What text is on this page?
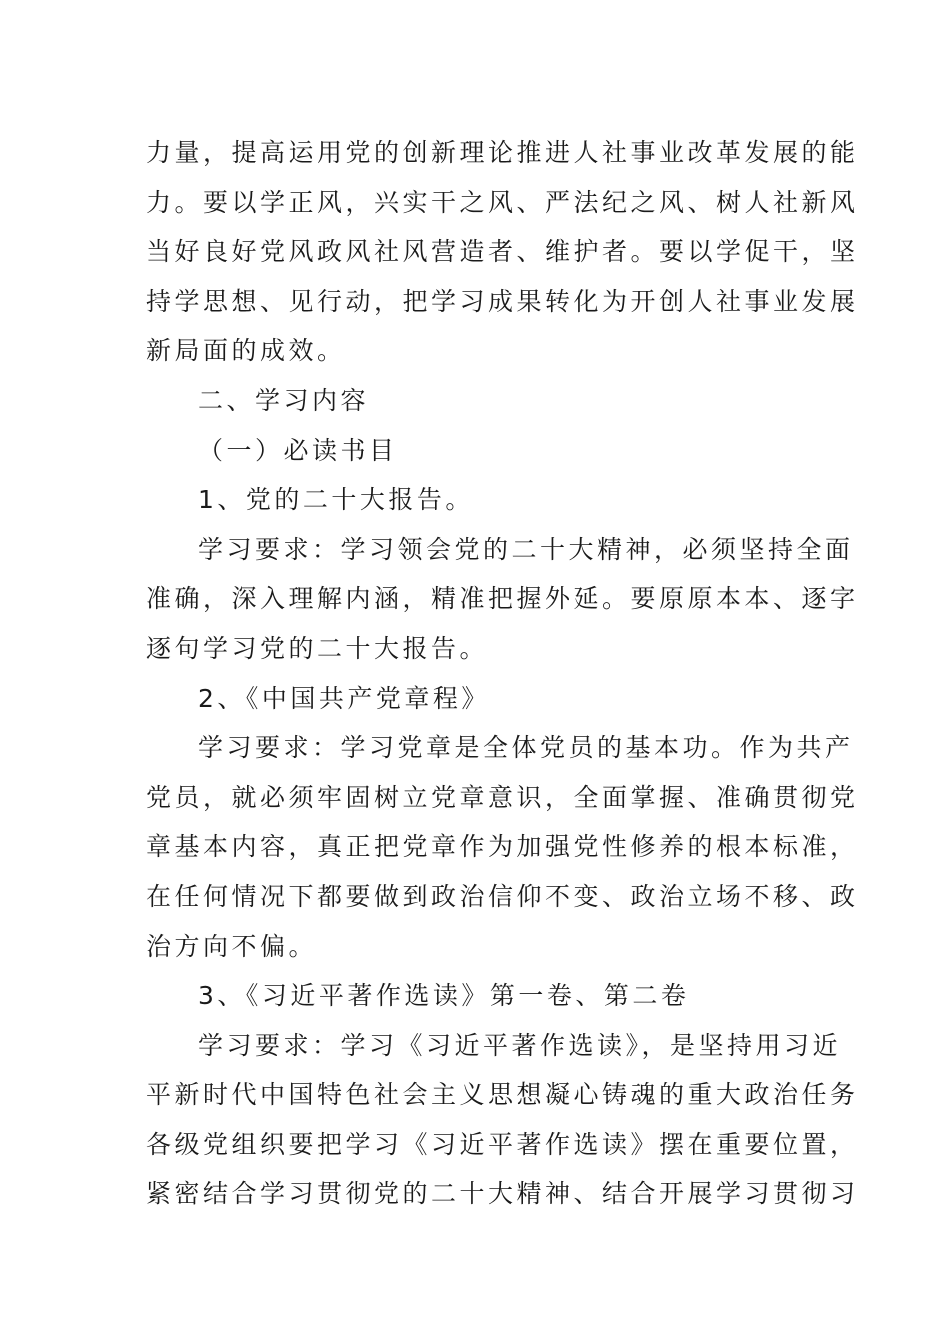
力量，提高运用党的创新理论推进人社事业改革发展的能
力。要以学正风，兴实干之风、严法纪之风、树人社新风
当好良好党风政风社风营造者、维护者。要以学促干，坚
持学思想、见行动，把学习成果转化为开创人社事业发展
新局面的成效。
二、学习内容
（一）必读书目
1、党的二十大报告。
学习要求：学习领会党的二十大精神，必须坚持全面
准确，深入理解内涵，精准把握外延。要原原本本、逐字
逐句学习党的二十大报告。
2、《中国共产党章程》
学习要求：学习党章是全体党员的基本功。作为共产
党员，就必须牢固树立党章意识，全面掌握、准确贯彻党
章基本内容，真正把党章作为加强党性修养的根本标准，
在任何情况下都要做到政治信仰不变、政治立场不移、政
治方向不偏。
3、《习近平著作选读》第一卷、第二卷
学习要求：学习《习近平著作选读》，是坚持用习近
平新时代中国特色社会主义思想凝心铸魂的重大政治任务
各级党组织要把学习《习近平著作选读》摆在重要位置，
紧密结合学习贯彻党的二十大精神、结合开展学习贯彻习
